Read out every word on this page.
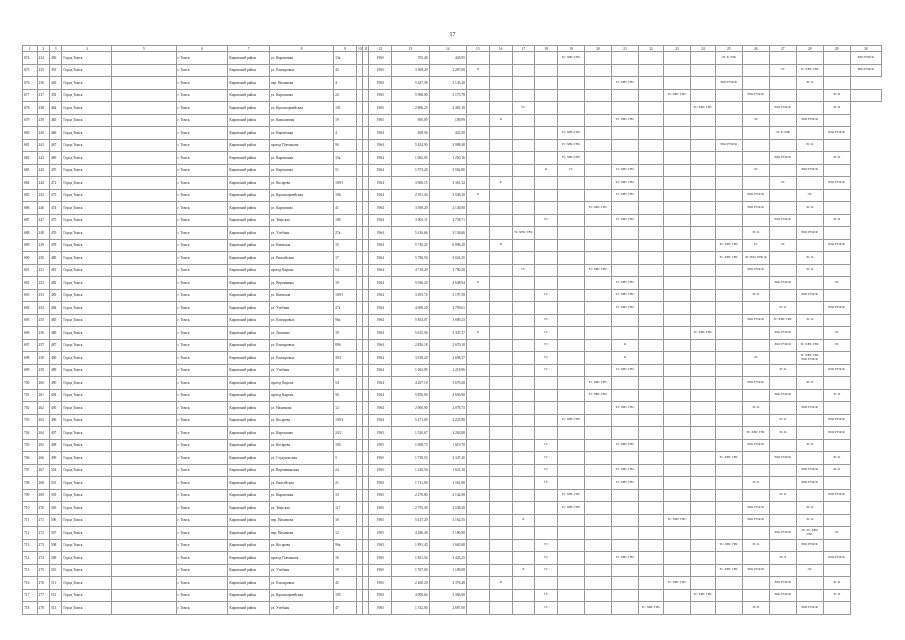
17
1	2	3	4	5	6	7	8	9	10	11	12	13	14	15	16	17	18	19	20	21	22	23	24	25	26	27	28	29	30
674	234	456	Город Томск		г. Томск	Кировский район	ул. Кирпичная	13а			1965	765,40	426,95					ТС ХВС ГВС						ЭС Б ЭЛК					ЮО РУФ Ф
675	235	391	Город Томск		г. Томск	Кировский район	ул. Елизаровых	42			1965	3 309,20	2 287,00	Х												ЭС	ТС ХВС ГВС		ЮО РУФ Ф
676	236	463	Город Томск		г. Томск	Кировский район	пер. Нахимова	4			1965	5 447,58	3 145,20							ТС ХВС ГВС				ЮО РУФ Ф			ЭС К		
677	237	392	Город Томск		г. Томск	Кировский район	ул. Карташова	22			1965	5 968,00	3 175,70									ТС ХВС ГВС			ЮО РУФ Ф			ЭС К	
678	238	464	Город Томск		г. Томск	Кировский район	ул. Красноармейская	101			1965	2 806,25	2 481,30			ГС							ТС ХВС ГВС			ЮО РУФ Ф		ЭС К	
679	239	465	Город Томск		г. Томск	Кировский район	ул. Камышовая	19			1965	695,09	109,99		Я					ТС ХВС ГВС					ЭС		ЮО РУФ Ф		
680	240	466	Город Томск		г. Томск	Кировский район	ул. Кирпичная	4			1964	468,56	425,30					ТС ХВС ГВС								ЭС Б ЭЛК		ЮО РУФ Ф	
681	241	467	Город Томск		г. Томск	Кировский район	проезд Плеханова	9б			1964	5 454,90	3 988,40					ТС ХВС ГВС						ЮО РУФ Ф			ЭС К		
682	242	469	Город Томск		г. Томск	Кировский район	ул. Кирпичная	15а			1964	1 062,05	1 250,16					ТС ХВС ГВС								ЮО РУФ Ф		ЭС К	
683	243	470	Город Томск		г. Томск	Кировский район	ул. Карташова	51			1964	1 973,20	3 562,80				К	ГС		ТС ХВС ГВС					ЭС		ЮО РУФ Ф		
684	244	472	Город Томск		г. Томск	Кировский район	ул. Косарева	109/1			1964	3 606,15	3 361,32		Х					ТС ХВС ГВС						ЭС		ЮО РУФ Ф	
685	245	473	Город Томск		г. Томск	Кировский район	ул. Красноармейская	106			1964	2 391,43	3 049,20	Х						ТС ХВС ГВС					ЮО РУФ Ф		ЭС		
686	246	474	Город Томск		г. Томск	Кировский район	ул. Карташова	41			1964	3 569,20	2 140,00						ТС ХВС ГВС						ЮО РУФ Ф		ЭС К		
687	247	475	Город Томск		г. Томск	Кировский район	ул. Тверская	106			1964	3 901,11	3 758,71				ГС			ТС ХВС ГВС						ЮО РУФ Ф		ЭС К	
688	248	476	Город Томск		г. Томск	Кировский район	ул. Учебная	27а			1964	5 416,66	3 136,66			ТС ХВС ГВС									ЭС К		ЮО РУФ Ф		
689	249	478	Город Томск		г. Томск	Кировский район	ул. Киевская	15			1964	5 740,20	6 096,20		Я									ТС ХВС ГВС	ГС	ЭС		ЮО РУФ Ф	
690	250	480	Город Томск		г. Томск	Кировский район	ул. Енисейская	17			1964	5 786,50	3 024,50											ТС ХВС ГВС	ЭС ЮО РУФ Ф		ЭС К		
691	251	481	Город Томск		г. Томск	Кировский район	проезд Кирова	54			1964	4 718,20	3 790,20			ГС			ТС ХВС ГВС						ЮО РУФ Ф		ЭС К		
692	252	482	Город Томск		г. Томск	Кировский район	ул. Вершинина	19			1964	5 036,20	4 648,94	Х						ТС ХВС ГВС						ЮО РУФ Ф		ЭС	
693	253	483	Город Томск		г. Томск	Кировский район	ул. Киевская	109/1			1964	3 493,74	3 197,50				ГС			ТС ХВС ГВС					ЭС Б		ЮО РУФ Ф		
694	254	484	Город Томск		г. Томск	Кировский район	ул. Учебная	27а			1964	4 698,20	3 759,61							ТС ХВС ГВС						ЭС К		ЮО РУФ Ф	
695	255	485	Город Томск		г. Томск	Кировский район	ул. Елизаровых	96а			1964	5 854,07	3 609,23				ГС								ЮО РУФ Ф	ТС ХВС ГВС	ЭС К		
696	256	486	Город Томск		г. Томск	Кировский район	ул. Лыткина	19			1964	5 615,56	3 447,27	Х			ГС						ТС ХВС ГВС			ЮО РУФ Ф		ЭС	
697	257	487	Город Томск		г. Томск	Кировский район	ул. Елизаровых	89б			1964	2 820,18	2 670,10				ГС			К						ЮО РУФ Ф	ТС ХВС ГВС	ЭС	
698	258	490	Город Томск		г. Томск	Кировский район	ул. Елизаровых	39/1			1964	3 918,20	2 698,37				ГС			К					ЭС		ТС ХВС ГВС ЮО РУФ Ф		
699	259	489	Город Томск		г. Томск	Кировский район	ул. Учебная	10			1964	1 062,95	1 218,96				ГС			ТС ХВС ГВС						ЭС К		ЮО РУФ Ф	
700	260	490	Город Томск		г. Томск	Кировский район	проезд Кирова	54			1964	4 207,10	3 670,20						ТС ХВС ГВС						ЮО РУФ Ф		ЭС К		
701	261	494	Город Томск		г. Томск	Кировский район	проезд Кирова	56			1964	5 856,00	4 656,80						ТС ХВС ГВС							ЮО РУФ Ф		ЭС К	
702	262	495	Город Томск		г. Томск	Кировский район	ул. Нахимова	12			1964	2 900,90	2 078,75							ТС ХВС ГВС					ЭС К		ЮО РУФ Ф		
703	263	496	Город Томск		г. Томск	Кировский район	ул. Косарева	109/2			1964	5 471,05	3 225,80					ТС ХВС ГВС								ЭС К		ЮО РУФ Ф	
704	264	497	Город Томск		г. Томск	Кировский район	ул. Карташова	24/2			1965	1 520,67	1 263,80												ТС ХВС ГВС	ЭС К		ЮО РУФ Ф	
705	265	498	Город Томск		г. Томск	Кировский район	ул. Косарева	105			1965	1 608,73	1 619,70				ГС			ТС ХВС ГВС					ЮО РУФ Ф		ЭС К		
706	266	499	Город Томск		г. Томск	Кировский район	ул. Студенческая	5			1965	1 739,53	2 347,40				ГС							ТС ХВС ГВС		ЮО РУФ Ф		ЭС К	
707	267	502	Город Томск		г. Томск	Кировский район	ул. Вершининская	24			1965	1 220,50	1 631,10				ГС			ТС ХВС ГВС							ЮО РУФ Ф	ЭС К	
708	268	501	Город Томск		г. Томск	Кировский район	ул. Енисейская	21			1965	1 741,00	1 561,80				ГС			ТС ХВС ГВС					ЭС Б		ЮО РУФ Ф		
709	269	503	Город Томск		г. Томск	Кировский район	ул. Кирпичная	33			1965	2 470,80	2 142,00					ТС ХВС ГВС								ЭС К		ЮО РУФ Ф	
710	270	505	Город Томск		г. Томск	Кировский район	ул. Тверская	117			1965	2 793,30	2 538,20					ТС ХВС ГВС							ЮО РУФ Ф		ЭС К		
711	271	506	Город Томск		г. Томск	Кировский район	пер. Нахимова	16			1965	5 417,20	3 162,55			К						ТС ХВС ГВС			ЮО РУФ Ф		ЭС К		
712	272	507	Город Томск		г. Томск	Кировский район	пер. Нахимова	12			1965	4 286,40	3 180,90													ЮО РУФ Ф	ЭС ТС ХВС ГВС	ЭС	
713	273	508	Город Томск		г. Томск	Кировский район	ул. Косарева	96а			1965	1 891,43	1 665,80				ГС							ТС ХВС ГВС	ЭС К		ЮО РУФ Ф		
714	274	509	Город Томск		г. Томск	Кировский район	проезд Плеханова	16			1965	1 821,54	3 425,25				ГС			ТС ХВС ГВС						ЭС Б		ЮО РУФ Ф	
715	275	510	Город Томск		г. Томск	Кировский район	ул. Учебная	19			1965	1 767,00	1 109,08			Х	ГС							ТС ХВС ГВС	ЮО РУФ Ф		ЭС		
716	276	511	Город Томск		г. Томск	Кировский район	ул. Елизаровых	45			1965	2 460,20	2 376,40		Я							ТС ХВС ГВС				ЮО РУФ Ф		ЭС К	
717	277	512	Город Томск		г. Томск	Кировский район	ул. Красноармейская	105			1965	4 099,64	3 406,60				ГС						ТС ХВС ГВС			ЮО РУФ Ф		ЭС К	
718	278	513	Город Томск		г. Томск	Кировский район	ул. Учебная	47			1965	1 532,00	2 687,00				ГС				ТС ХВС ГВС				ЭС Б		ЮО РУФ Ф		
